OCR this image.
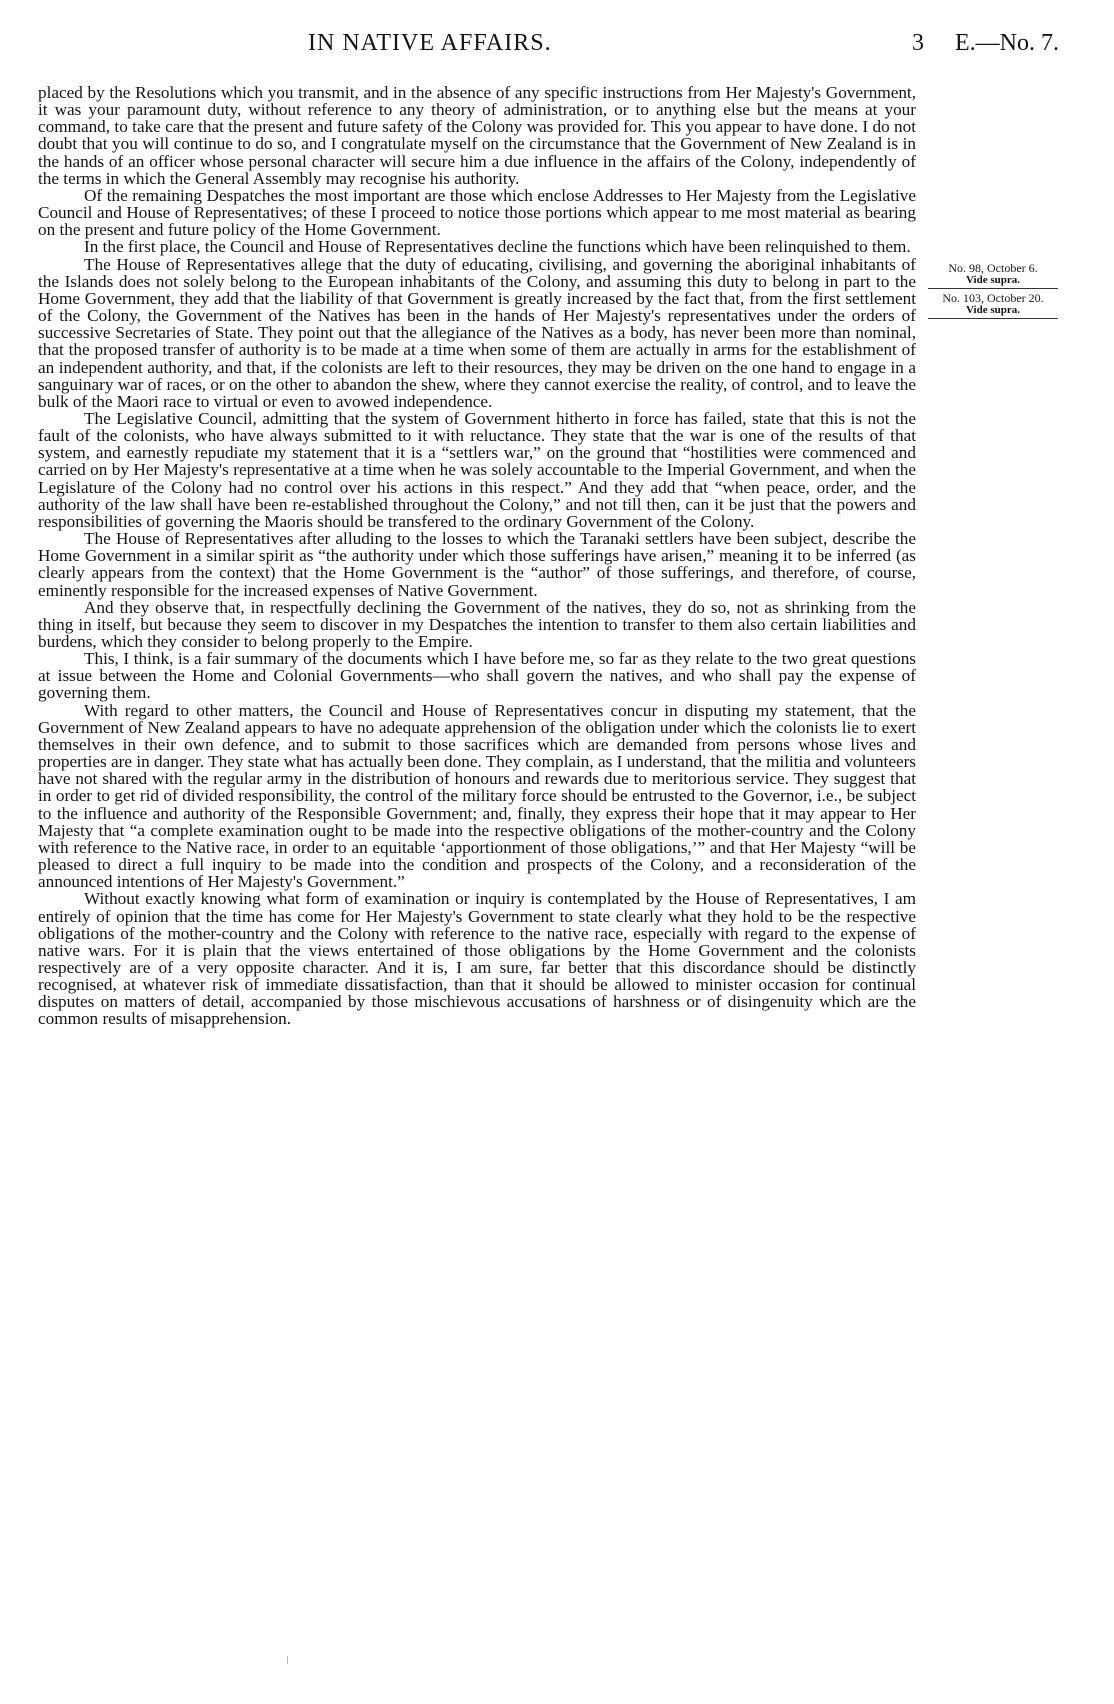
IN NATIVE AFFAIRS.	3 E.—No. 7.

placed by the Resolutions which you transmit, and in the absence of any specific instructions from Her Majesty's Government, it was your paramount duty, without reference to any theory of administration, or to anything else but the means at your command, to take care that the present and future safety of the Colony was provided for. This you appear to have done. I do not doubt that you will continue to do so, and I congratulate myself on the circumstance that the Government of New Zealand is in the hands of an officer whose personal character will secure him a due influence in the affairs of the Colony, independently of the terms in which the General Assembly may recognise his authority.

Of the remaining Despatches the most important are those which enclose Addresses to Her Majesty from the Legislative Council and House of Representatives; of these I proceed to notice those portions which appear to me most material as bearing on the present and future policy of the Home Government.

In the first place, the Council and House of Representatives decline the functions which have been relinquished to them.

The House of Representatives allege that the duty of educating, civilising, and governing the aboriginal inhabitants of the Islands does not solely belong to the European inhabitants of the Colony, and assuming this duty to belong in part to the Home Government, they add that the liability of that Government is greatly increased by the fact that, from the first settlement of the Colony, the Government of the Natives has been in the hands of Her Majesty's representatives under the orders of successive Secretaries of State. They point out that the allegiance of the Natives as a body, has never been more than nominal, that the proposed transfer of authority is to be made at a time when some of them are actually in arms for the establishment of an independent authority, and that, if the colonists are left to their resources, they may be driven on the one hand to engage in a sanguinary war of races, or on the other to abandon the shew, where they cannot exercise the reality, of control, and to leave the bulk of the Maori race to virtual or even to avowed independence.

The Legislative Council, admitting that the system of Government hitherto in force has failed, state that this is not the fault of the colonists, who have always submitted to it with reluctance. They state that the war is one of the results of that system, and earnestly repudiate my statement that it is a “settlers war,” on the ground that “hostilities were commenced and carried on by Her Majesty's representative at a time when he was solely accountable to the Imperial Government, and when the Legislature of the Colony had no control over his actions in this respect.” And they add that “when peace, order, and the authority of the law shall have been re-established throughout the Colony,” and not till then, can it be just that the powers and responsibilities of governing the Maoris should be transfered to the ordinary Government of the Colony.

The House of Representatives after alluding to the losses to which the Taranaki settlers have been subject, describe the Home Government in a similar spirit as “the authority under which those sufferings have arisen,” meaning it to be inferred (as clearly appears from the context) that the Home Government is the “author” of those sufferings, and therefore, of course, eminently responsible for the increased expenses of Native Government.

And they observe that, in respectfully declining the Government of the natives, they do so, not as shrinking from the thing in itself, but because they seem to discover in my Despatches the intention to transfer to them also certain liabilities and burdens, which they consider to belong properly to the Empire.

This, I think, is a fair summary of the documents which I have before me, so far as they relate to the two great questions at issue between the Home and Colonial Governments—who shall govern the natives, and who shall pay the expense of governing them.

With regard to other matters, the Council and House of Representatives concur in disputing my statement, that the Government of New Zealand appears to have no adequate apprehension of the obligation under which the colonists lie to exert themselves in their own defence, and to submit to those sacrifices which are demanded from persons whose lives and properties are in danger. They state what has actually been done. They complain, as I understand, that the militia and volunteers have not shared with the regular army in the distribution of honours and rewards due to meritorious service. They suggest that in order to get rid of divided responsibility, the control of the military force should be entrusted to the Governor, i.e., be subject to the influence and authority of the Responsible Government; and, finally, they express their hope that it may appear to Her Majesty that “a complete examination ought to be made into the respective obligations of the mother-country and the Colony with reference to the Native race, in order to an equitable ‘apportionment of those obligations,’” and that Her Majesty “will be pleased to direct a full inquiry to be made into the condition and prospects of the Colony, and a reconsideration of the announced intentions of Her Majesty's Government.”

Without exactly knowing what form of examination or inquiry is contemplated by the House of Representatives, I am entirely of opinion that the time has come for Her Majesty's Government to state clearly what they hold to be the respective obligations of the mother-country and the Colony with reference to the native race, especially with regard to the expense of native wars. For it is plain that the views entertained of those obligations by the Home Government and the colonists respectively are of a very opposite character. And it is, I am sure, far better that this discordance should be distinctly recognised, at whatever risk of immediate dissatisfaction, than that it should be allowed to minister occasion for continual disputes on matters of detail, accompanied by those mischievous accusations of harshness or of disingenuity which are the common results of misapprehension.

No. 98, October 6.
Vide supra.
No. 103, October 20.
Vide supra.
